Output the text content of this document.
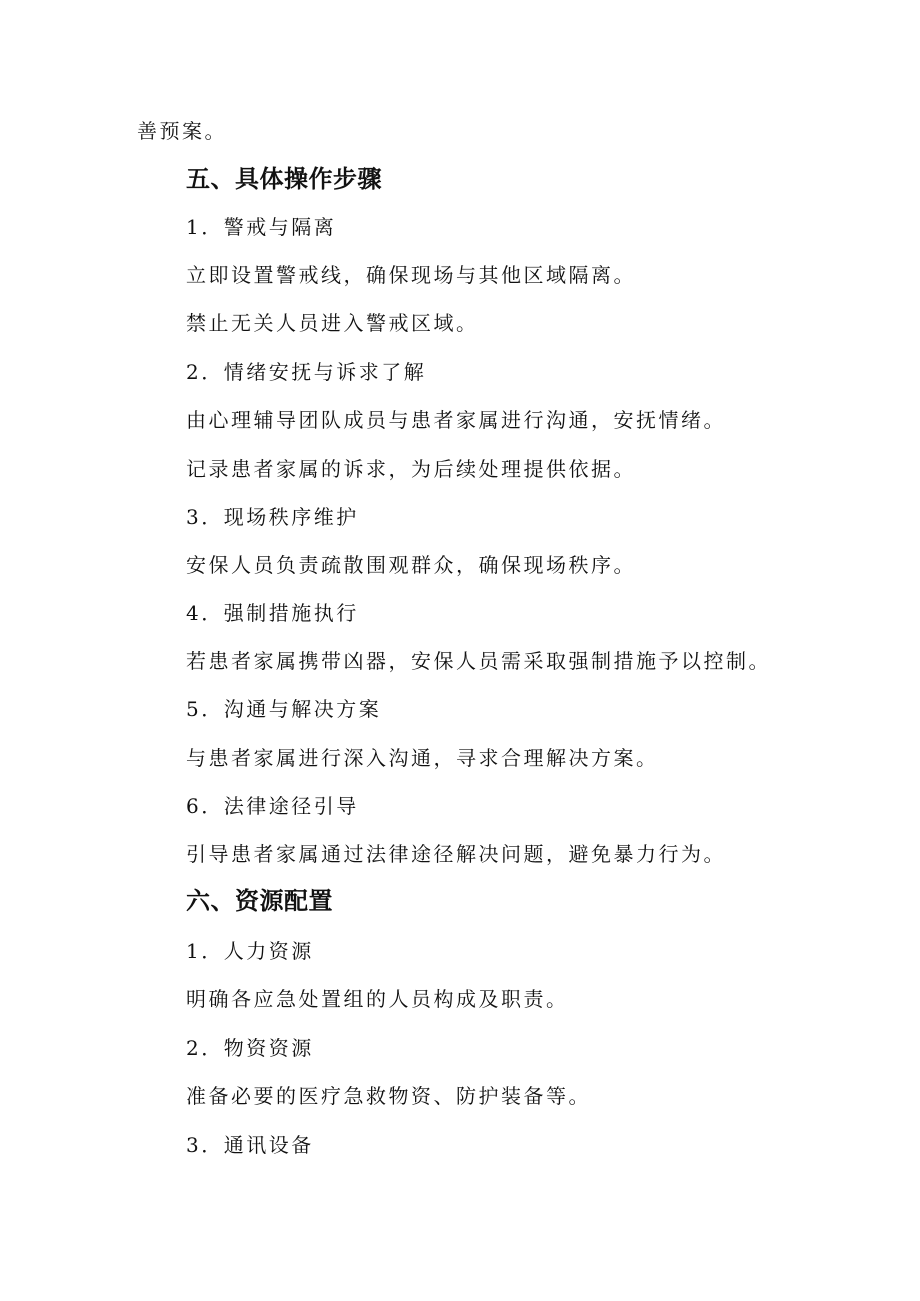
善预案。
五、具体操作步骤
1．警戒与隔离
立即设置警戒线，确保现场与其他区域隔离。
禁止无关人员进入警戒区域。
2．情绪安抚与诉求了解
由心理辅导团队成员与患者家属进行沟通，安抚情绪。
记录患者家属的诉求，为后续处理提供依据。
3．现场秩序维护
安保人员负责疏散围观群众，确保现场秩序。
4．强制措施执行
若患者家属携带凶器，安保人员需采取强制措施予以控制。
5．沟通与解决方案
与患者家属进行深入沟通，寻求合理解决方案。
6．法律途径引导
引导患者家属通过法律途径解决问题，避免暴力行为。
六、资源配置
1．人力资源
明确各应急处置组的人员构成及职责。
2．物资资源
准备必要的医疗急救物资、防护装备等。
3．通讯设备
